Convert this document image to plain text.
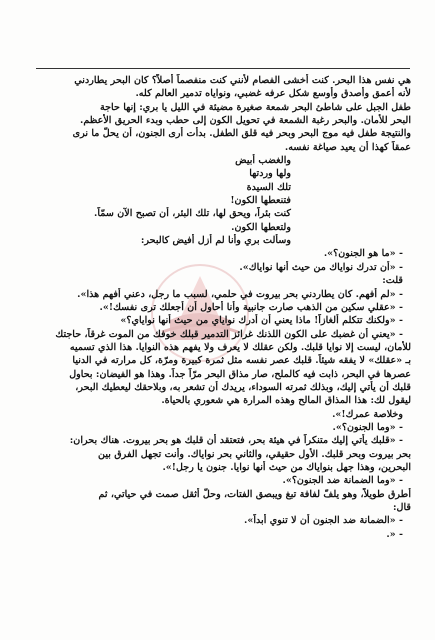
هي نفس هذا البحر. كنت أخشى الفصام لأنني كنت منفصماً أصلاً؟ كان البحر يطاردني
لأنه أعمق وأصدق وأوسع شكل عرفه غضبي، ونواياه تدمير العالم كله.
طفل الجبل على شاطئ البحر شمعة صغيرة مضيئة في الليل يا بري: إنها حاجة
البحر للأمان. والبحر رغبة الشمعة في تحويل الكون إلى حطب وبدء الحريق الأعظم.
والنتيجة طفل فيه موج البحر وبحر فيه قلق الطفل. بدأت أرى الجنون، أن يحلّ ما نرى
عمقاً كهذا أن يعيد صياغة نفسه.
والغضب أبيض
ولها وردتها
تلك السيدة
فتنعطها الكون!
كنت بئراً، ويحق لها، تلك البئر، أن تصبح الآن سمّاً.
ولتعطها الكون.
وسألت بري وأنا لم أزل أفيض كالبحر:
- «ما هو الجنون؟».
- «أن تدرك نواياك من حيث أنها نواياك».
قلت:
- «لم أفهم. كان يطاردني بحر بيروت في حلمي، لسبب ما رجل، دعني أفهم هذا».
- «عقلي سكين من الذهب صارت جانبية وأنا أحاول أن أجعلك ترى نفسك!».
- «ولكنك تتكلم ألغازاً! ماذا يعني أن أدرك نواياي من حيث أنها نواياي؟»
- «يعني أن غضبك على الكون اللذنك غرائز التدمير قبلك خوفك من الموت غرقاً، حاجتك
للأمان، ليست إلا نوايا قلبك. ولكن عقلك لا يعرف ولا يفهم هذه النوايا. هذا الذي تسميه
بـ «عقلك» لا يفقه شيئاً. قلبك عصر نفسه مثل ثمرة كبيرة ومرّة، كل مرارته في الدنيا
عصرها في البحر، ذابت فيه كالملح، صار مذاق البحر مرّاً جداً. وهذا هو الفيضان: بحاول
قلبك أن يأتي إليك، وبذلك ثمرته السوداء، يريدك أن تشعر به، وبلاحقك ليعطيك البحر،
ليقول لك: هذا المذاق المالح وهذه المرارة هي شعوري بالحياة.
وخلاصة عمرك!».
- «وما الجنون؟».
- «قلبك يأتي إليك متنكراً في هيئة بحر، فتعتقد أن قلبك هو بحر بيروت. هناك بحران:
بحر بيروت وبحر قلبك. الأول حقيقي، والثاني بحر نواياك. وأنت تجهل الفرق بين
البحرين، وهذا جهل بنواياك من حيث أنها نوايا. جنون يا رجل!».
- «وما الضمانة ضد الجنون؟».
أطرق طويلاً، وهو يلفّ لفافة تبغ ويبصق الفتات، وحلّ أثقل صمت في حياتي، ثم
قال:
- «الضمانة ضد الجنون أن لا تنوي أبداً».
- «.
